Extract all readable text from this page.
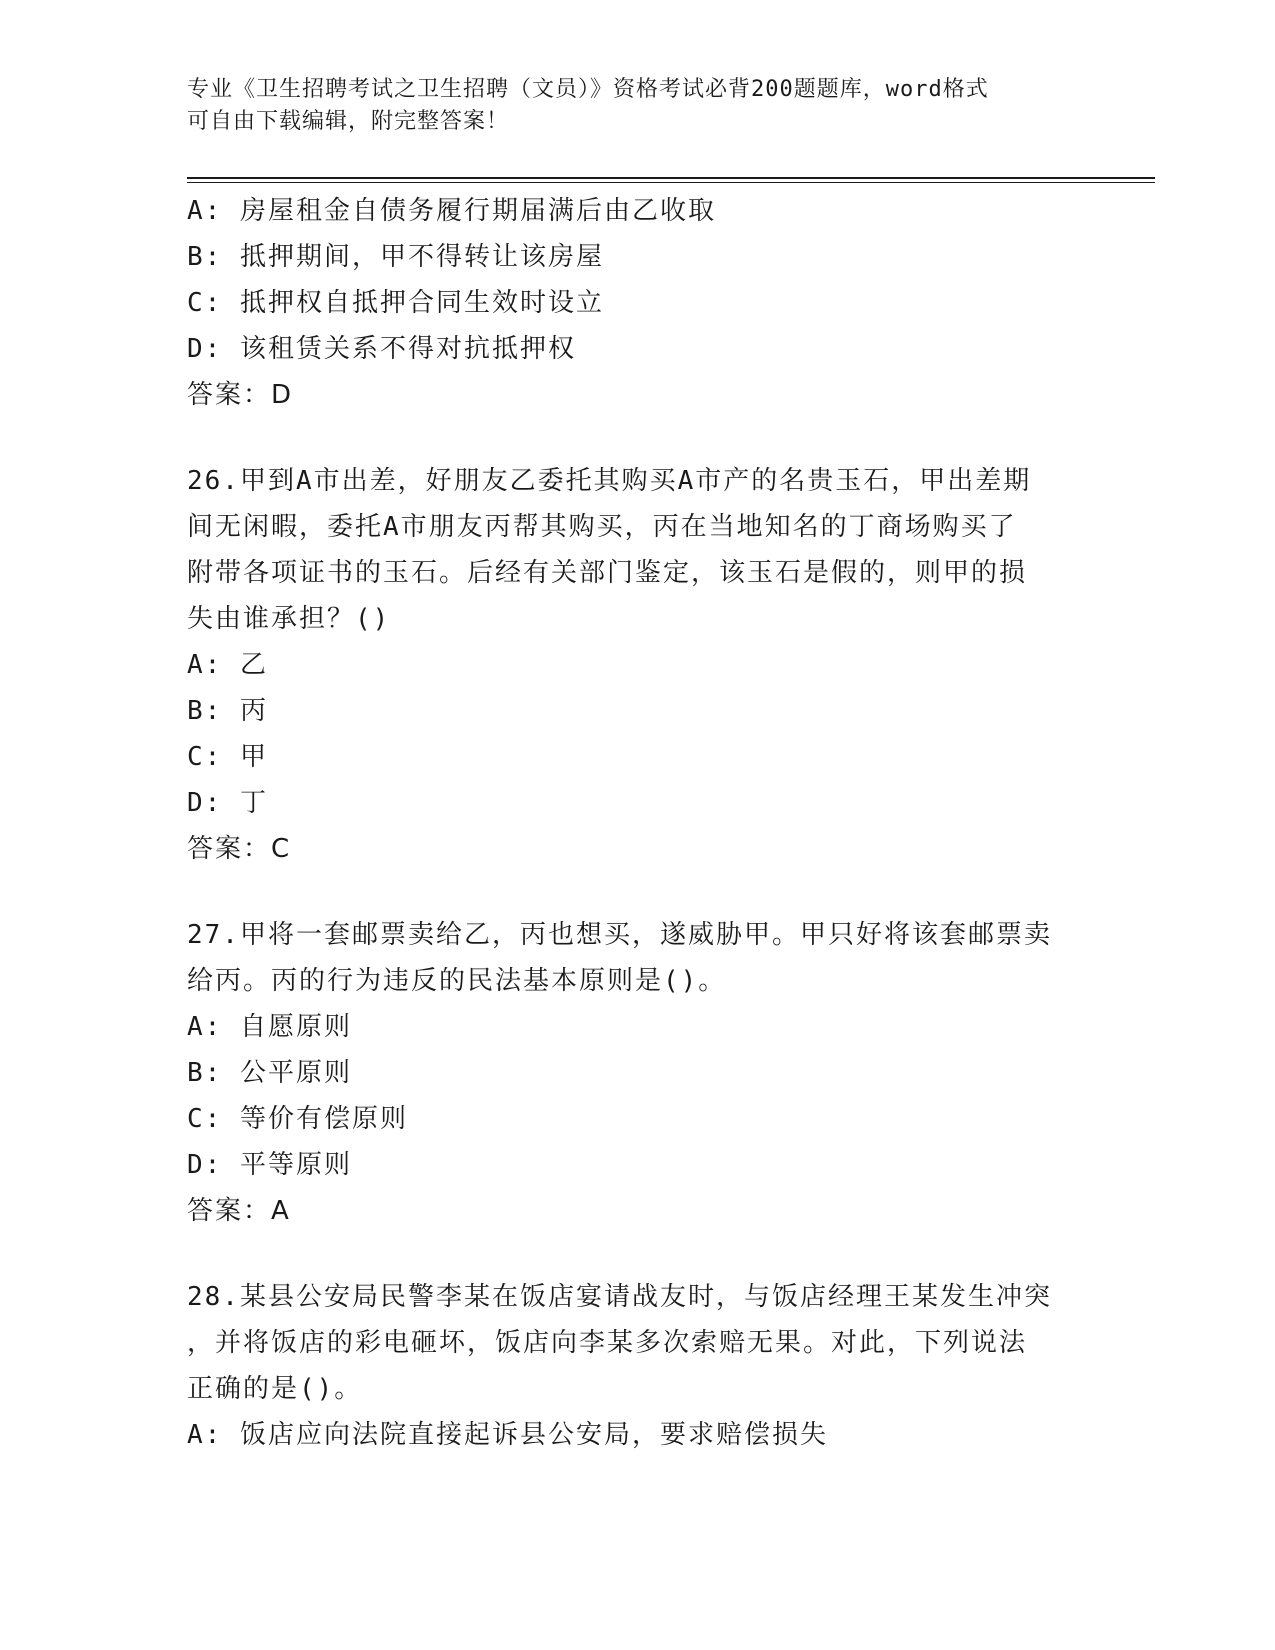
专业《卫生招聘考试之卫生招聘（文员）》资格考试必背200题题库，word格式
可自由下载编辑，附完整答案！
A: 房屋租金自债务履行期届满后由乙收取
B: 抵押期间，甲不得转让该房屋
C: 抵押权自抵押合同生效时设立
D: 该租赁关系不得对抗抵押权
答案：D
26.甲到A市出差，好朋友乙委托其购买A市产的名贵玉石，甲出差期
间无闲暇，委托A市朋友丙帮其购买，丙在当地知名的丁商场购买了
附带各项证书的玉石。后经有关部门鉴定，该玉石是假的，则甲的损
失由谁承担？()
A: 乙
B: 丙
C: 甲
D: 丁
答案：C
27.甲将一套邮票卖给乙，丙也想买，遂威胁甲。甲只好将该套邮票卖
给丙。丙的行为违反的民法基本原则是()。
A: 自愿原则
B: 公平原则
C: 等价有偿原则
D: 平等原则
答案：A
28.某县公安局民警李某在饭店宴请战友时，与饭店经理王某发生冲突
，并将饭店的彩电砸坏，饭店向李某多次索赔无果。对此，下列说法
正确的是()。
A: 饭店应向法院直接起诉县公安局，要求赔偿损失
